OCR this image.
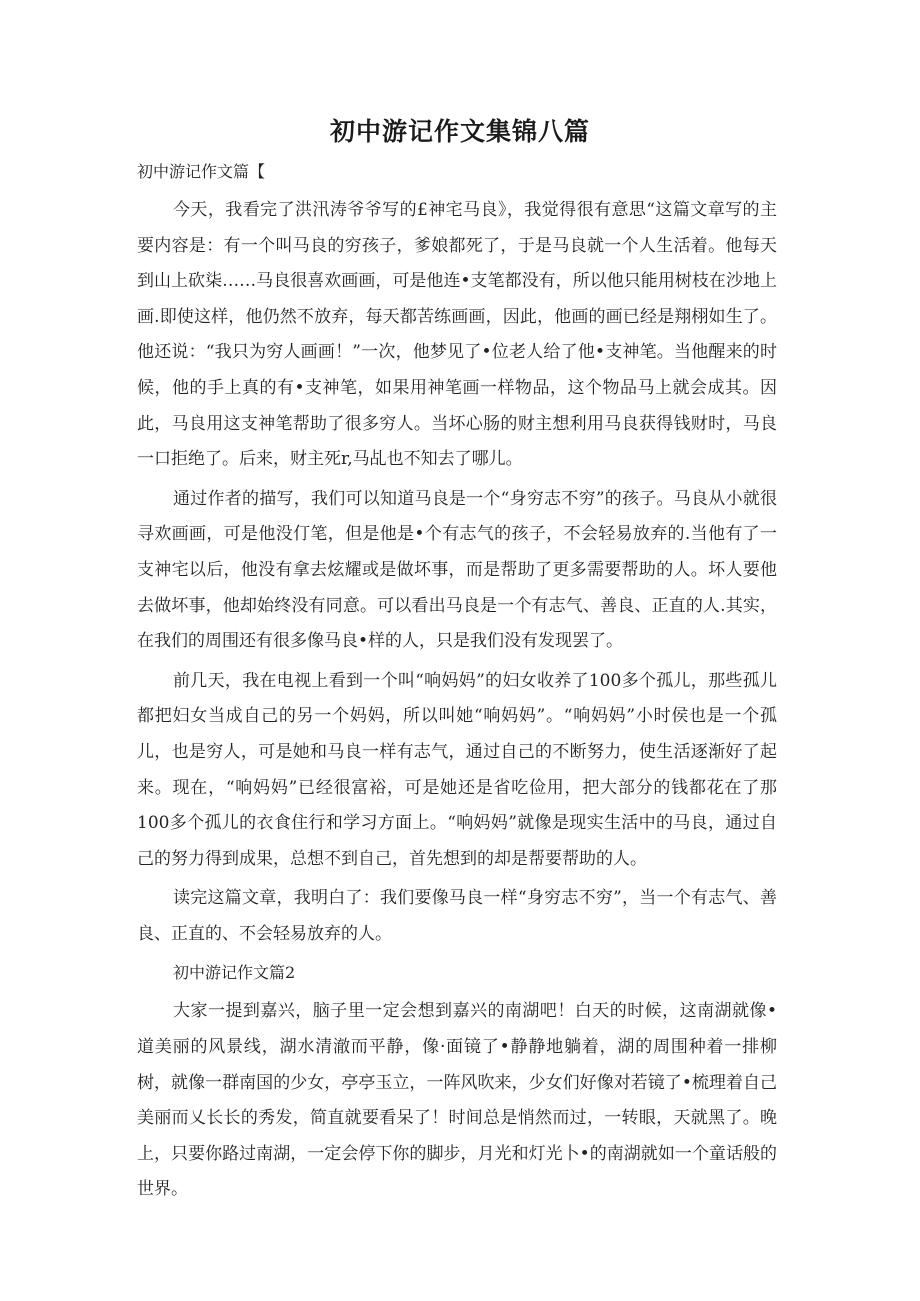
初中游记作文集锦八篇
初中游记作文篇【

今天，我看完了洪汛涛爷爷写的£神宅马良》，我觉得很有意思“这篇文章写的主要内容是：有一个叫马良的穷孩子，爹娘都死了，于是马良就一个人生活着。他每天到山上砍柒……马良很喜欢画画，可是他连•支笔都没有，所以他只能用树枝在沙地上画.即使这样，他仍然不放弃，每天都苦练画画，因此，他画的画已经是翔栩如生了。他还说：“我只为穷人画画！”一次，他梦见了•位老人给了他•支神笔。当他醒来的时候，他的手上真的有•支神笔，如果用神笔画一样物品，这个物品马上就会成其。因此，马良用这支神笔帮助了很多穷人。当坏心肠的财主想利用马良获得钱财时，马良一口拒绝了。后来，财主死r,马乩也不知去了哪儿。

通过作者的描写，我们可以知道马良是一个“身穷志不穷”的孩子。马良从小就很寻欢画画，可是他没仃笔，但是他是•个有志气的孩子，不会轻易放弃的.当他有了一支神宅以后，他没有拿去炫耀或是做坏事，而是帮助了更多需要帮助的人。坏人要他去做坏事，他却始终没有同意。可以看出马良是一个有志气、善良、正直的人.其实，在我们的周围还有很多像马良•样的人，只是我们没有发现罢了。

前几天，我在电视上看到一个叫“响妈妈”的妇女收养了100多个孤儿，那些孤儿都把妇女当成自己的另一个妈妈，所以叫她“响妈妈”。“响妈妈”小时侯也是一个孤儿，也是穷人，可是她和马良一样有志气，通过自己的不断努力，使生活逐渐好了起来。现在，“响妈妈”已经很富裕，可是她还是省吃俭用，把大部分的钱都花在了那100多个孤儿的衣食住行和学习方面上。“响妈妈”就像是现实生活中的马良，通过自己的努力得到成果，总想不到自己，首先想到的却是帮要帮助的人。

读完这篇文章，我明白了：我们要像马良一样“身穷志不穷”，当一个有志气、善良、正直的、不会轻易放弃的人。

初中游记作文篇2

大家一提到嘉兴，脑子里一定会想到嘉兴的南湖吧！白天的时候，这南湖就像•道美丽的风景线，湖水清澈而平静，像·面镜了•静静地躺着，湖的周围种着一排柳树，就像一群南国的少女，亭亭玉立，一阵风吹来，少女们好像对若镜了•梳理着自己美丽而乂长长的秀发，简直就要看呆了！时间总是悄然而过，一转眼，天就黑了。晚上，只要你路过南湖，一定会停下你的脚步，月光和灯光卜•的南湖就如一个童话般的世界。
